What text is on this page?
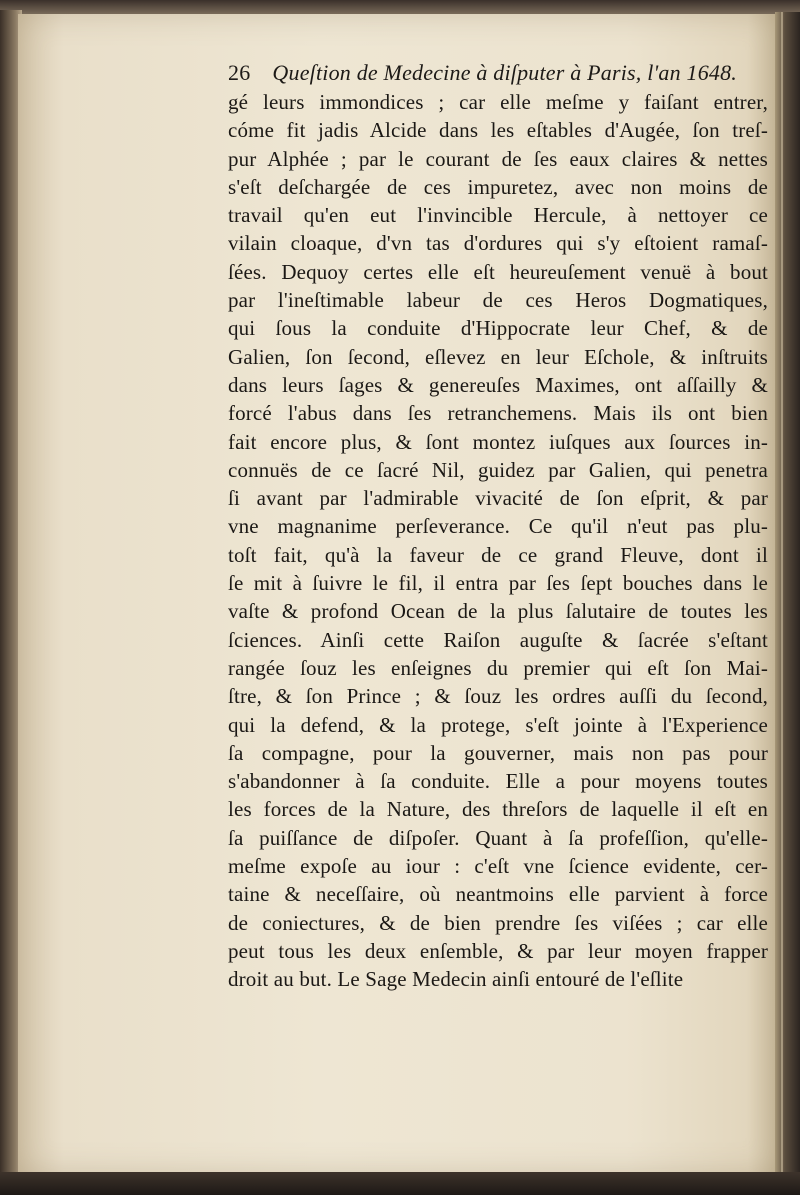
26 Queſtion de Medecine à diſputer à Paris, l'an 1648.
gé leurs immondices ; car elle meſme y faiſant entrer,
cóme fit jadis Alcide dans les eſtables d'Augée, ſon treſ-
pur Alphée ; par le courant de ſes eaux claires & nettes
s'eſt deſchargée de ces impuretez, avec non moins de
travail qu'en eut l'invincible Hercule, à nettoyer ce
vilain cloaque, d'vn tas d'ordures qui s'y eſtoient ramaſ-
ſées. Dequoy certes elle eſt heureuſement venuë à bout
par l'ineſtimable labeur de ces Heros Dogmatiques,
qui ſous la conduite d'Hippocrate leur Chef, & de
Galien, ſon ſecond, eſlevez en leur Eſchole, & inſtruits
dans leurs ſages & genereuſes Maximes, ont aſſailly &
forcé l'abus dans ſes retranchemens. Mais ils ont bien
fait encore plus, & ſont montez iuſques aux ſources in-
connuës de ce ſacré Nil, guidez par Galien, qui penetra
ſi avant par l'admirable vivacité de ſon eſprit, & par
vne magnanime perſeverance. Ce qu'il n'eut pas plu-
toſt fait, qu'à la faveur de ce grand Fleuve, dont il
ſe mit à ſuivre le fil, il entra par ſes ſept bouches dans le
vaſte & profond Ocean de la plus ſalutaire de toutes les
ſciences. Ainſi cette Raiſon auguſte & ſacrée s'eſtant
rangée ſouz les enſeignes du premier qui eſt ſon Mai-
ſtre, & ſon Prince ; & ſouz les ordres auſſi du ſecond,
qui la defend, & la protege, s'eſt jointe à l'Experience
ſa compagne, pour la gouverner, mais non pas pour
s'abandonner à ſa conduite. Elle a pour moyens toutes
les forces de la Nature, des threſors de laquelle il eſt en
ſa puiſſance de diſpoſer. Quant à ſa profeſſion, qu'elle-
meſme expoſe au iour : c'eſt vne ſcience evidente, cer-
taine & neceſſaire, où neantmoins elle parvient à force
de coniectures, & de bien prendre ſes viſées ; car elle
peut tous les deux enſemble, & par leur moyen frapper
droit au but. Le Sage Medecin ainſi entouré de l'eſlite
